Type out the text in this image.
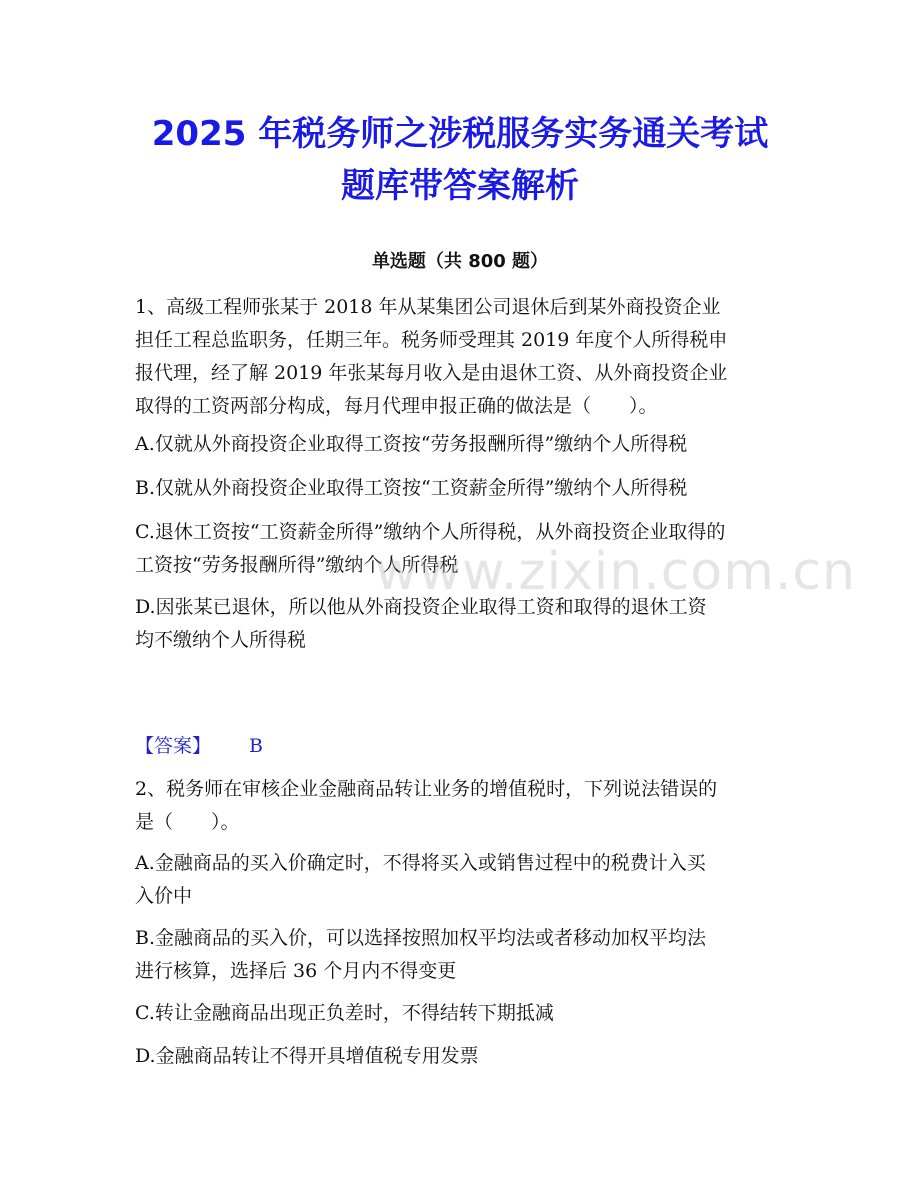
2025 年税务师之涉税服务实务通关考试
题库带答案解析
单选题（共 800 题）

1、高级工程师张某于 2018 年从某集团公司退休后到某外商投资企业
担任工程总监职务，任期三年。税务师受理其 2019 年度个人所得税申
报代理，经了解 2019 年张某每月收入是由退休工资、从外商投资企业
取得的工资两部分构成，每月代理申报正确的做法是（　　）。

A.仅就从外商投资企业取得工资按“劳务报酬所得”缴纳个人所得税

B.仅就从外商投资企业取得工资按“工资薪金所得”缴纳个人所得税

C.退休工资按“工资薪金所得”缴纳个人所得税，从外商投资企业取得的
工资按“劳务报酬所得”缴纳个人所得税

D.因张某已退休，所以他从外商投资企业取得工资和取得的退休工资
均不缴纳个人所得税

【答案】 B

2、税务师在审核企业金融商品转让业务的增值税时，下列说法错误的
是（　　）。

A.金融商品的买入价确定时，不得将买入或销售过程中的税费计入买
入价中

B.金融商品的买入价，可以选择按照加权平均法或者移动加权平均法
进行核算，选择后 36 个月内不得变更

C.转让金融商品出现正负差时，不得结转下期抵减

D.金融商品转让不得开具增值税专用发票

www.zixin.com.cn
